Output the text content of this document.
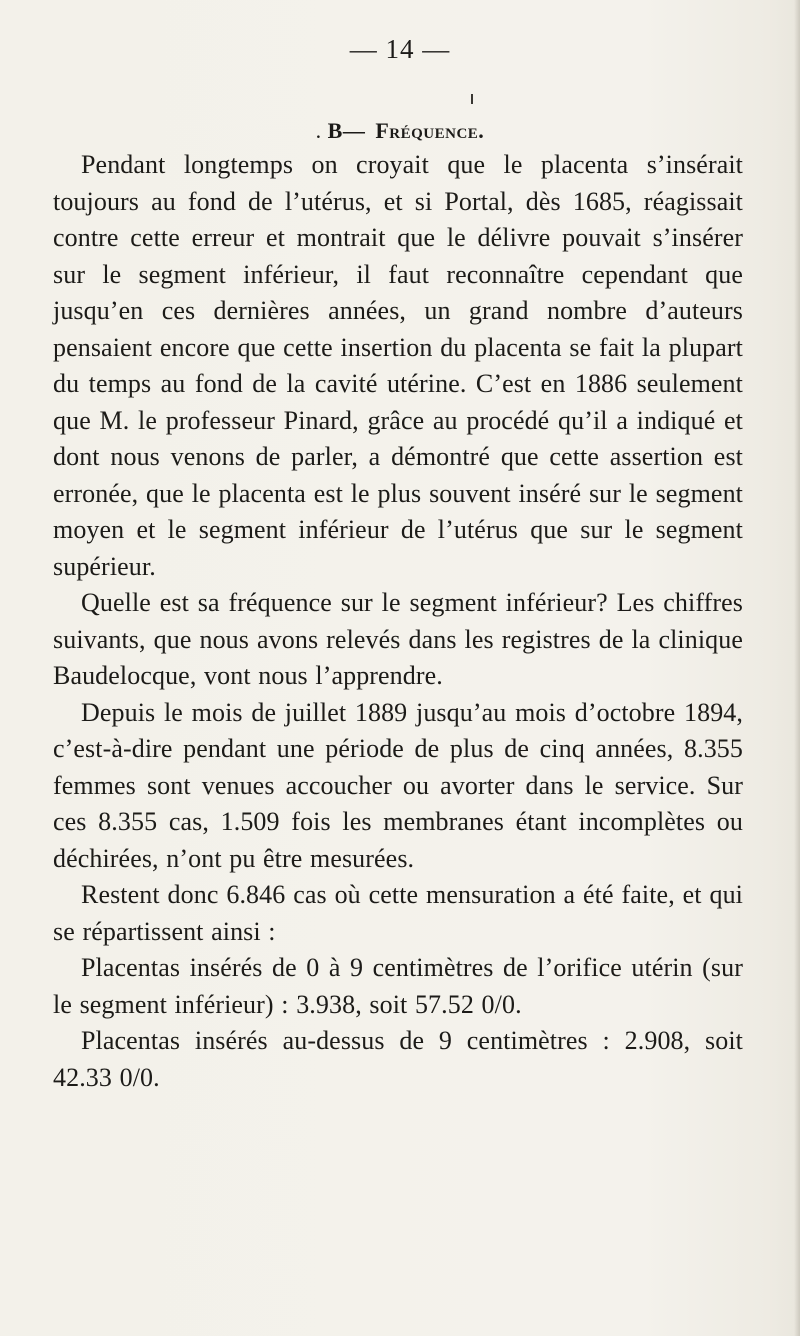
— 14 —
. B— Fréquence.

Pendant longtemps on croyait que le placenta s’insérait toujours au fond de l’utérus, et si Portal, dès 1685, réagissait contre cette erreur et montrait que le délivre pouvait s’insérer sur le segment inférieur, il faut reconnaître cependant que jusqu’en ces dernières années, un grand nombre d’auteurs pensaient encore que cette insertion du placenta se fait la plupart du temps au fond de la cavité utérine. C’est en 1886 seulement que M. le professeur Pinard, grâce au procédé qu’il a indiqué et dont nous venons de parler, a démontré que cette assertion est erronée, que le placenta est le plus souvent inséré sur le segment moyen et le segment inférieur de l’utérus que sur le segment supérieur.

Quelle est sa fréquence sur le segment inférieur? Les chiffres suivants, que nous avons relevés dans les registres de la clinique Baudelocque, vont nous l’apprendre.

Depuis le mois de juillet 1889 jusqu’au mois d’octobre 1894, c’est-à-dire pendant une période de plus de cinq années, 8.355 femmes sont venues accoucher ou avorter dans le service. Sur ces 8.355 cas, 1.509 fois les membranes étant incomplètes ou déchirées, n’ont pu être mesurées.

Restent donc 6.846 cas où cette mensuration a été faite, et qui se répartissent ainsi :

Placentas insérés de 0 à 9 centimètres de l’orifice utérin (sur le segment inférieur) : 3.938, soit 57.52 0/0.

Placentas insérés au-dessus de 9 centimètres : 2.908, soit 42.33 0/0.
